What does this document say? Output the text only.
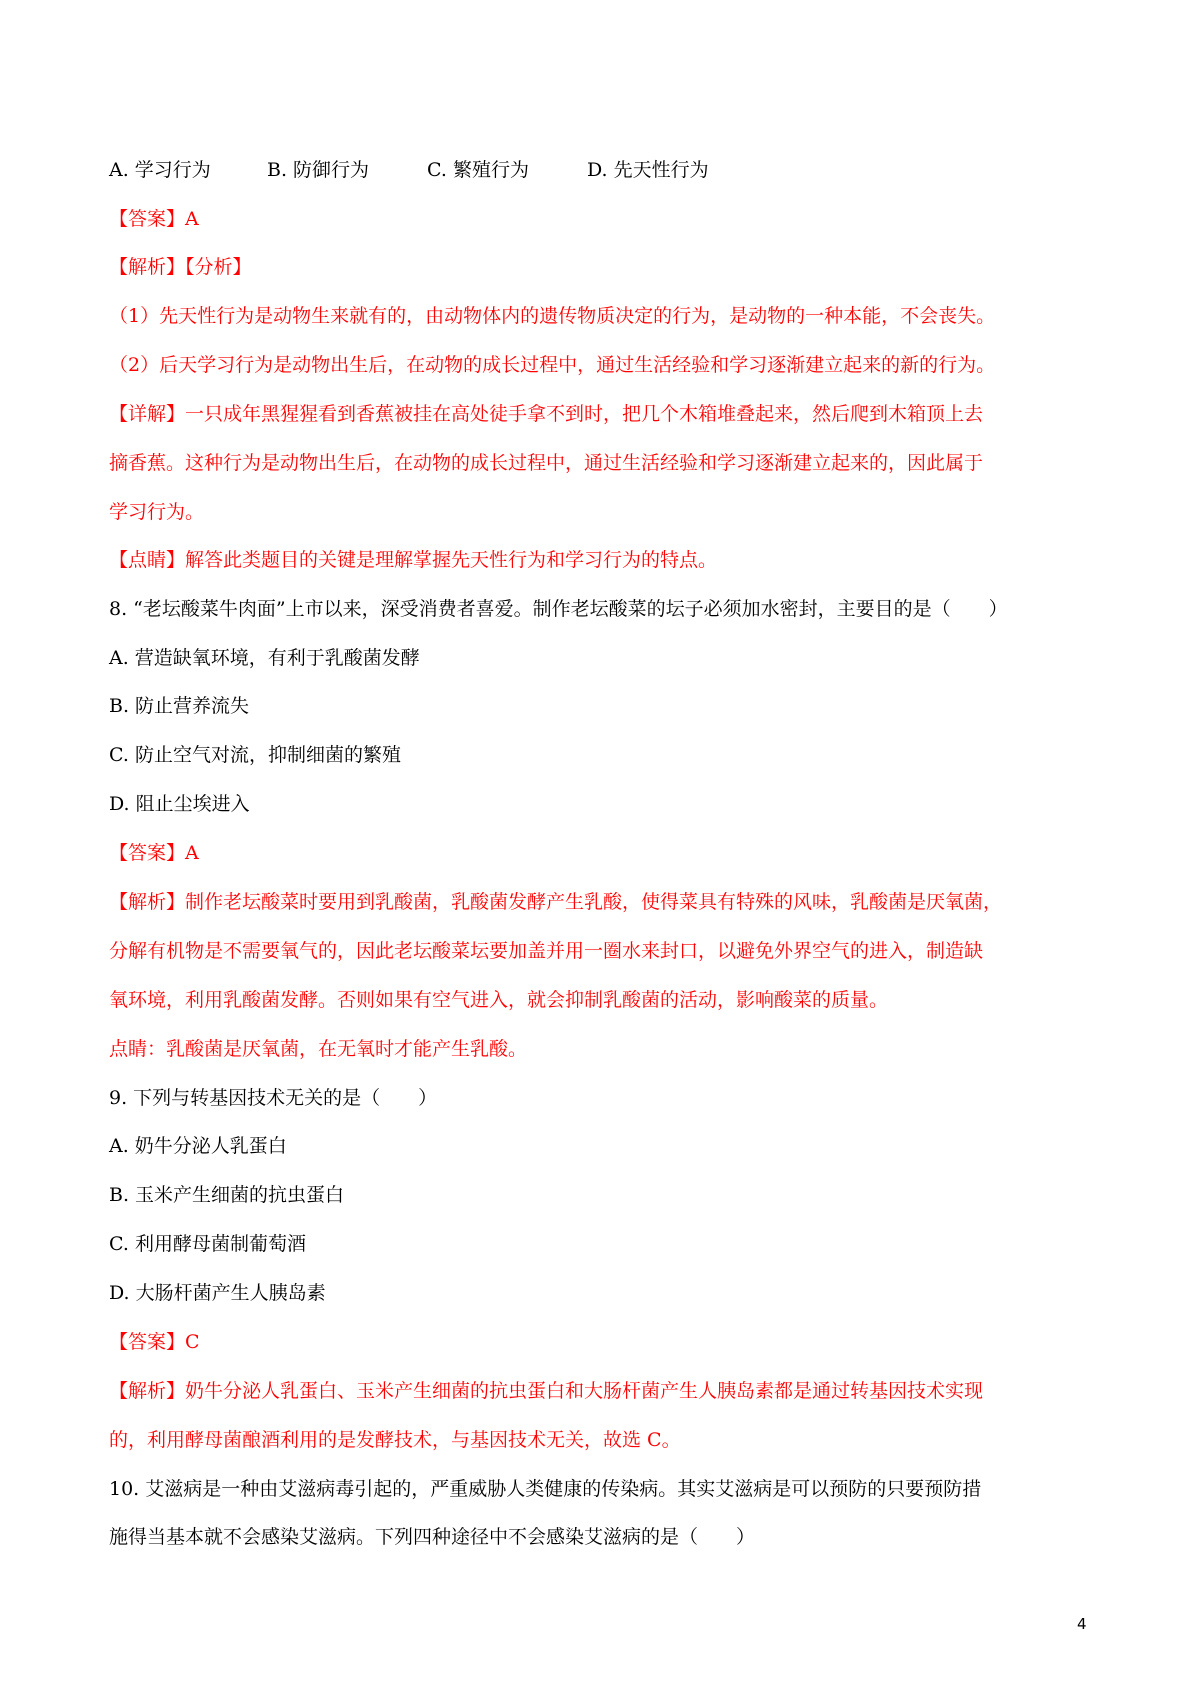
A. 学习行为	B. 防御行为	C. 繁殖行为	D. 先天性行为
【答案】A
【解析】【分析】
（1）先天性行为是动物生来就有的，由动物体内的遗传物质决定的行为，是动物的一种本能，不会丧失。
（2）后天学习行为是动物出生后，在动物的成长过程中，通过生活经验和学习逐渐建立起来的新的行为。
【详解】一只成年黑猩猩看到香蕉被挂在高处徒手拿不到时，把几个木箱堆叠起来，然后爬到木箱顶上去
摘香蕉。这种行为是动物出生后，在动物的成长过程中，通过生活经验和学习逐渐建立起来的，因此属于
学习行为。
【点睛】解答此类题目的关键是理解掌握先天性行为和学习行为的特点。
8. “老坛酸菜牛肉面”上市以来，深受消费者喜爱。制作老坛酸菜的坛子必须加水密封，主要目的是（　　）
A. 营造缺氧环境，有利于乳酸菌发酵
B. 防止营养流失
C. 防止空气对流，抑制细菌的繁殖
D. 阻止尘埃进入
【答案】A
【解析】制作老坛酸菜时要用到乳酸菌，乳酸菌发酵产生乳酸，使得菜具有特殊的风味，乳酸菌是厌氧菌，
分解有机物是不需要氧气的，因此老坛酸菜坛要加盖并用一圈水来封口，以避免外界空气的进入，制造缺
氧环境，利用乳酸菌发酵。否则如果有空气进入，就会抑制乳酸菌的活动，影响酸菜的质量。
点睛：乳酸菌是厌氧菌，在无氧时才能产生乳酸。
9. 下列与转基因技术无关的是（　　）
A. 奶牛分泌人乳蛋白
B. 玉米产生细菌的抗虫蛋白
C. 利用酵母菌制葡萄酒
D. 大肠杆菌产生人胰岛素
【答案】C
【解析】奶牛分泌人乳蛋白、玉米产生细菌的抗虫蛋白和大肠杆菌产生人胰岛素都是通过转基因技术实现
的，利用酵母菌酿酒利用的是发酵技术，与基因技术无关，故选 C。
10. 艾滋病是一种由艾滋病毒引起的，严重威胁人类健康的传染病。其实艾滋病是可以预防的只要预防措
施得当基本就不会感染艾滋病。下列四种途径中不会感染艾滋病的是（　　）
4
